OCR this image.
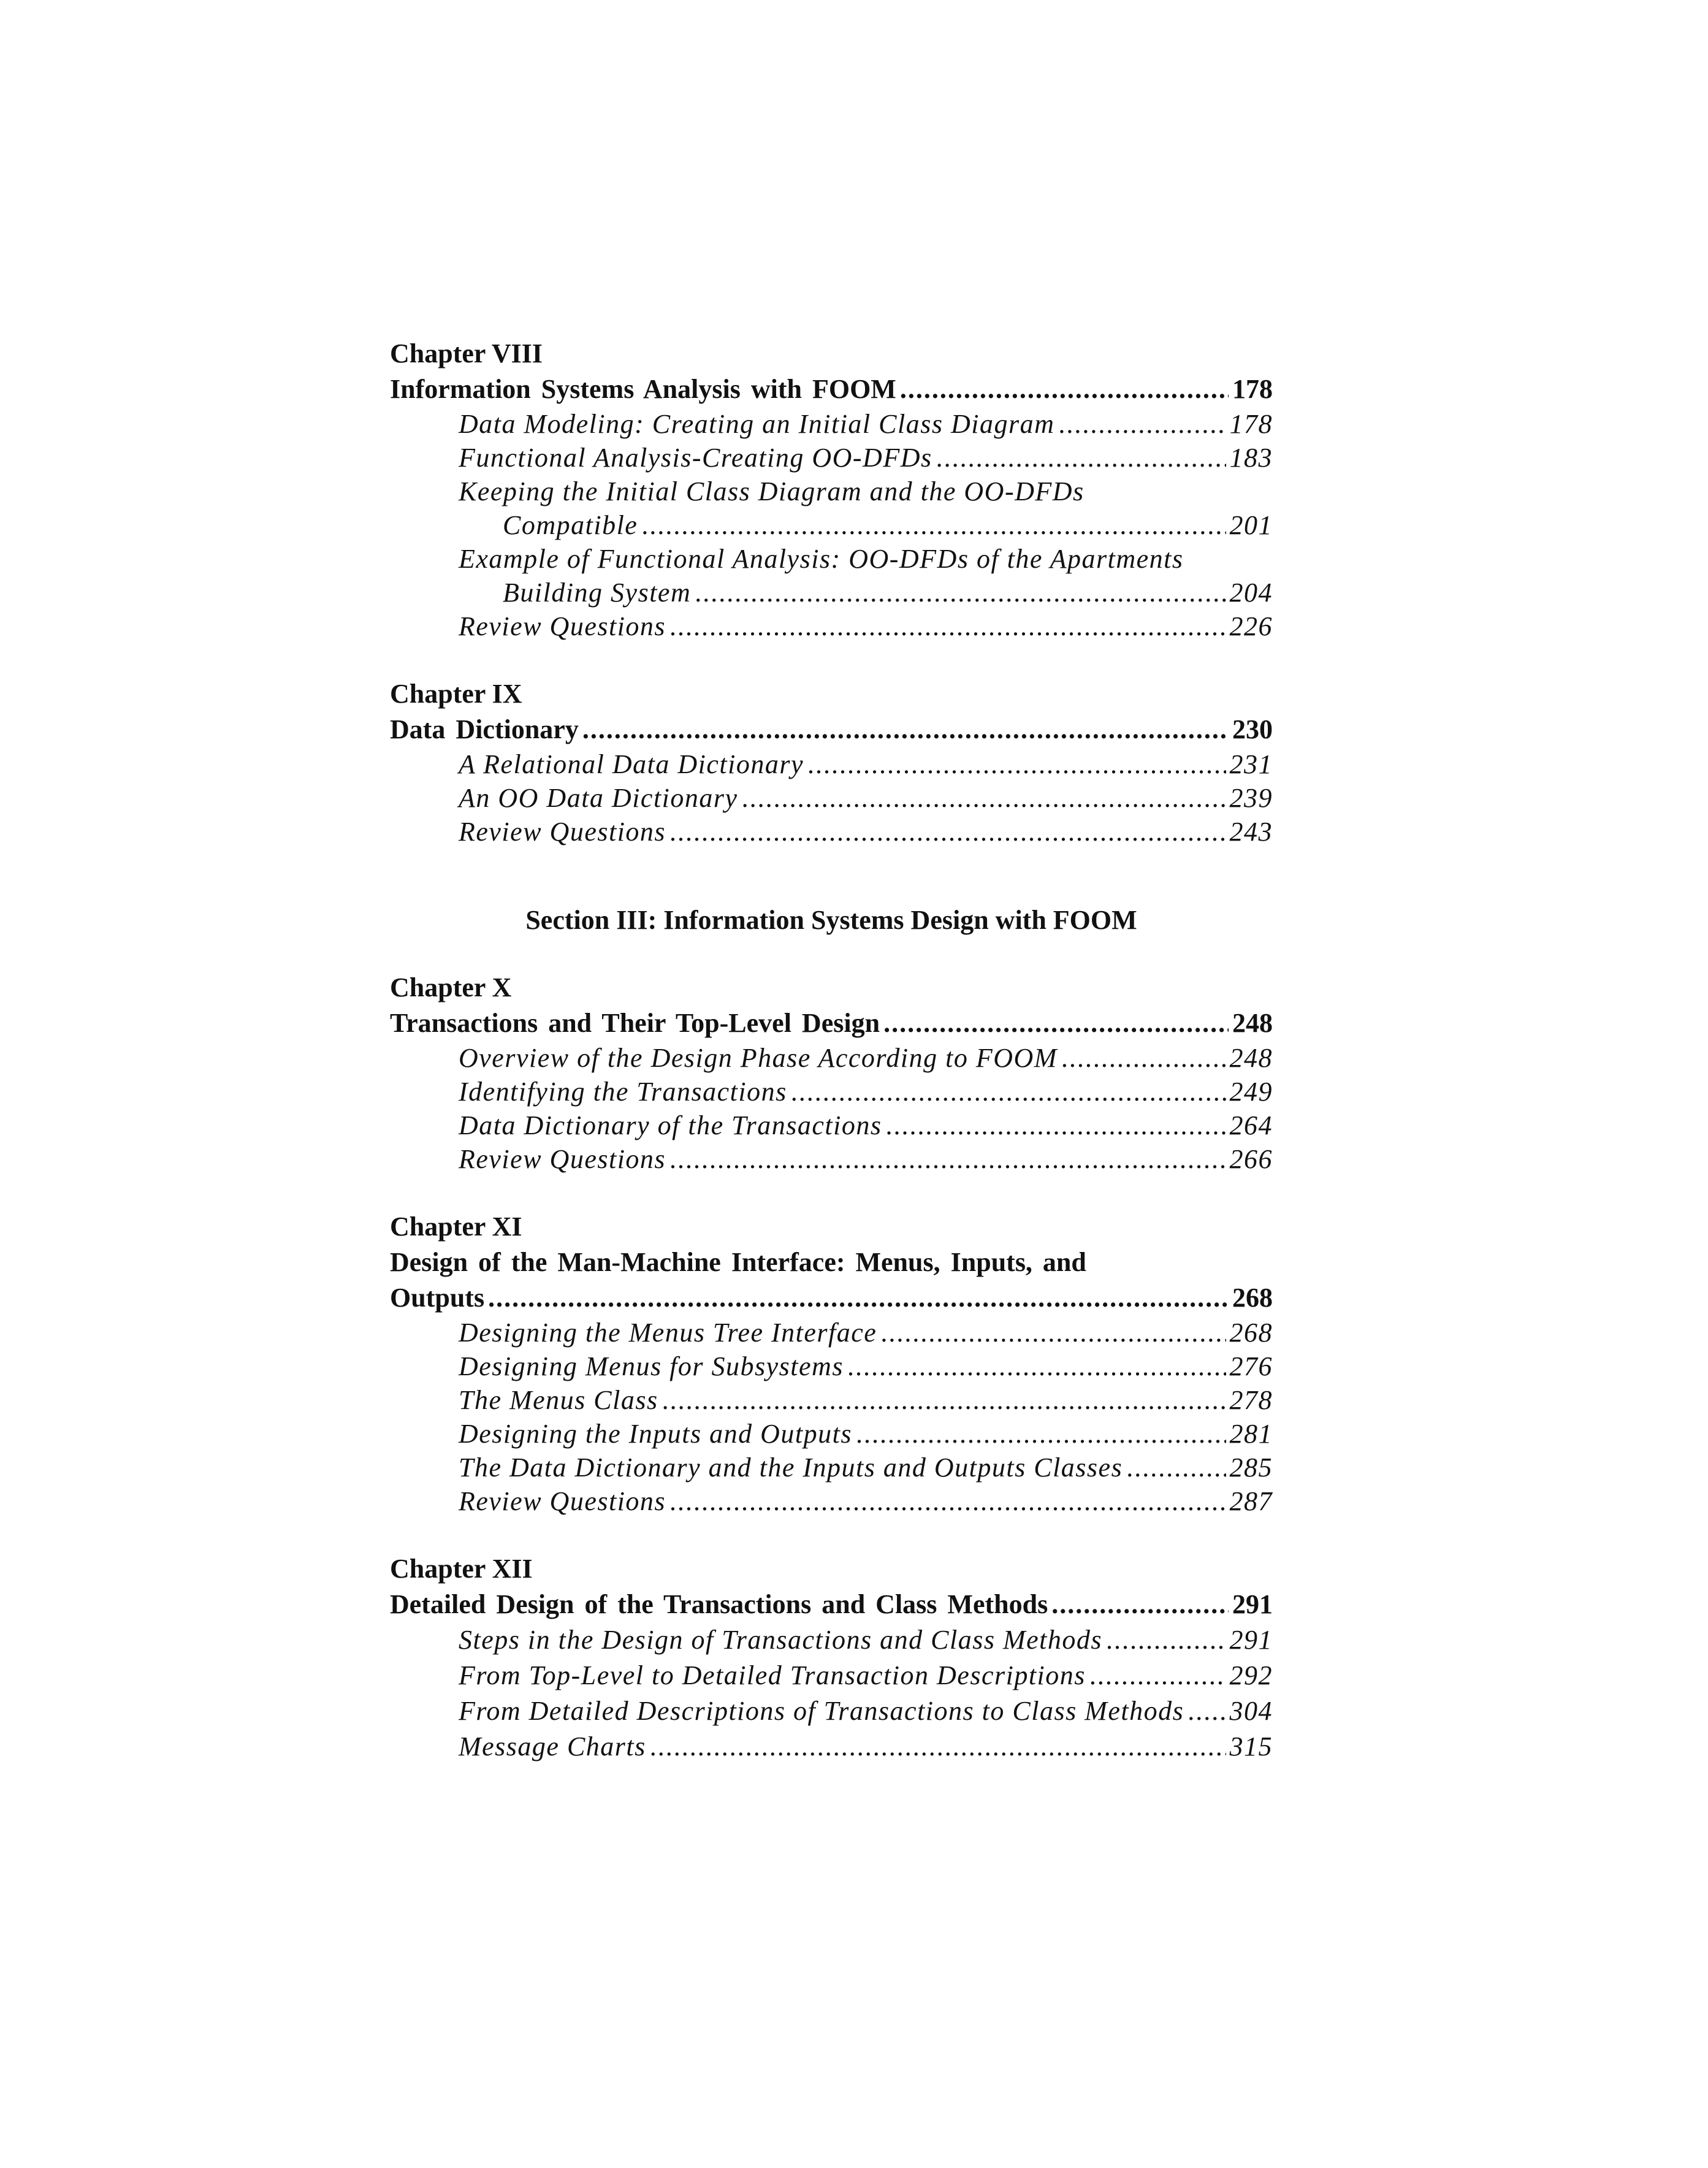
Chapter VIII
Information Systems Analysis with FOOM .....	178
Data Modeling: Creating an Initial Class Diagram .....	178
Functional Analysis-Creating OO-DFDs .....	183
Keeping the Initial Class Diagram and the OO-DFDs
Compatible .....	201
Example of Functional Analysis: OO-DFDs of the Apartments
Building System .....	204
Review Questions .....	226
Chapter IX
Data Dictionary .....	230
A Relational Data Dictionary .....	231
An OO Data Dictionary .....	239
Review Questions .....	243
Section III: Information Systems Design with FOOM
Chapter X
Transactions and Their Top-Level Design .....	248
Overview of the Design Phase According to FOOM .....	248
Identifying the Transactions .....	249
Data Dictionary of the Transactions .....	264
Review Questions .....	266
Chapter XI
Design of the Man-Machine Interface: Menus, Inputs, and
Outputs .....	268
Designing the Menus Tree Interface .....	268
Designing Menus for Subsystems .....	276
The Menus Class .....	278
Designing the Inputs and Outputs .....	281
The Data Dictionary and the Inputs and Outputs Classes .....	285
Review Questions .....	287
Chapter XII
Detailed Design of the Transactions and Class Methods .....	291
Steps in the Design of Transactions and Class Methods .....	291
From Top-Level to Detailed Transaction Descriptions .....	292
From Detailed Descriptions of Transactions to Class Methods ..... 304
Message Charts .....	315
